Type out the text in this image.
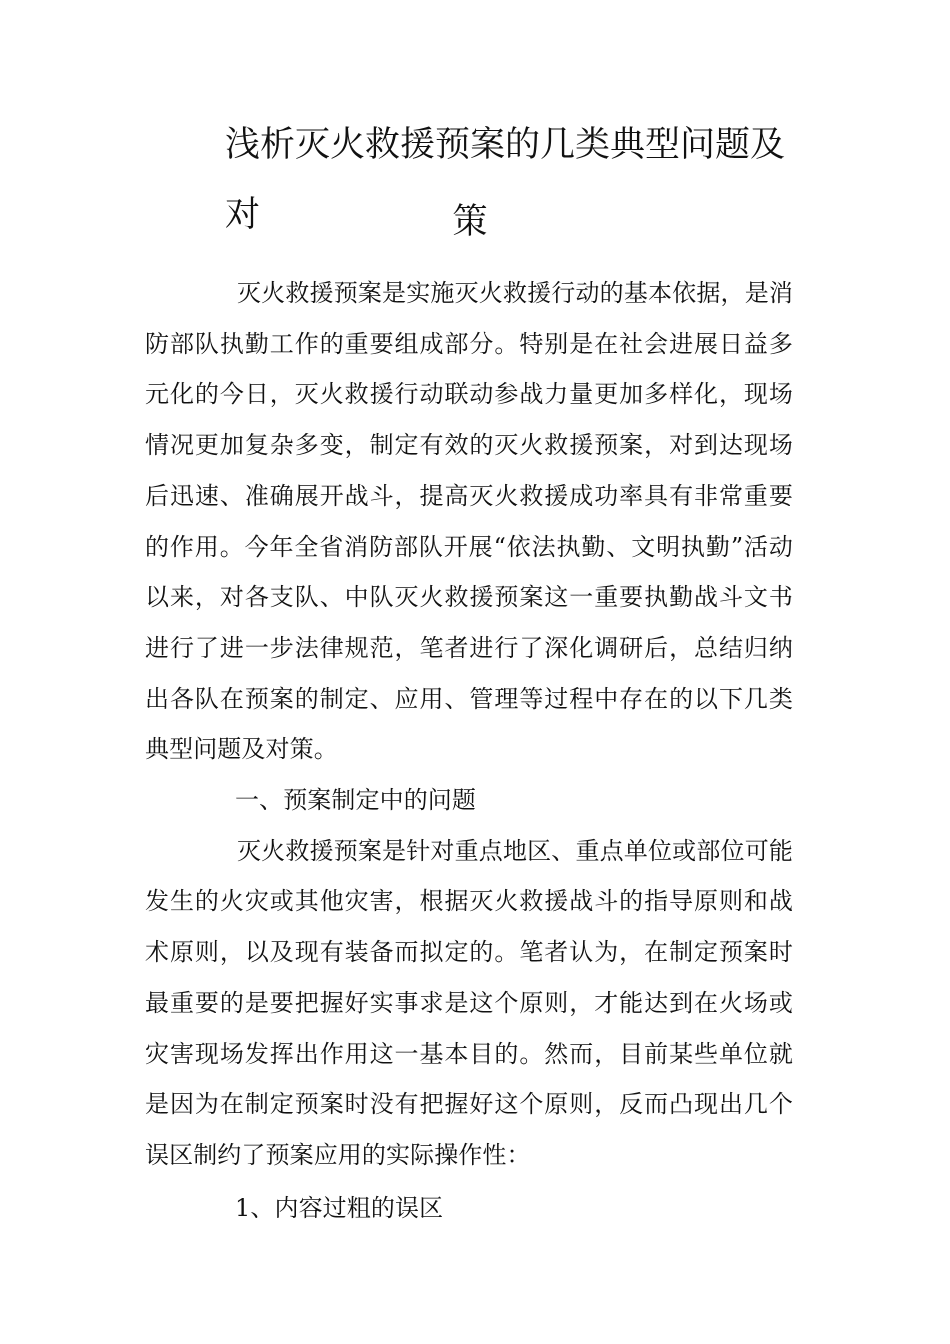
浅析灭火救援预案的几类典型问题及对	策

灭火救援预案是实施灭火救援行动的基本依据，是消防部队执勤工作的重要组成部分。特别是在社会进展日益多元化的今日，灭火救援行动联动参战力量更加多样化，现场情况更加复杂多变，制定有效的灭火救援预案，对到达现场后迅速、准确展开战斗，提高灭火救援成功率具有非常重要的作用。今年全省消防部队开展“依法执勤、文明执勤”活动以来，对各支队、中队灭火救援预案这一重要执勤战斗文书进行了进一步法律规范，笔者进行了深化调研后，总结归纳出各队在预案的制定、应用、管理等过程中存在的以下几类典型问题及对策。

一、预案制定中的问题

灭火救援预案是针对重点地区、重点单位或部位可能发生的火灾或其他灾害，根据灭火救援战斗的指导原则和战术原则，以及现有装备而拟定的。笔者认为，在制定预案时最重要的是要把握好实事求是这个原则，才能达到在火场或灾害现场发挥出作用这一基本目的。然而，目前某些单位就是因为在制定预案时没有把握好这个原则，反而凸现出几个误区制约了预案应用的实际操作性：

1、内容过粗的误区
